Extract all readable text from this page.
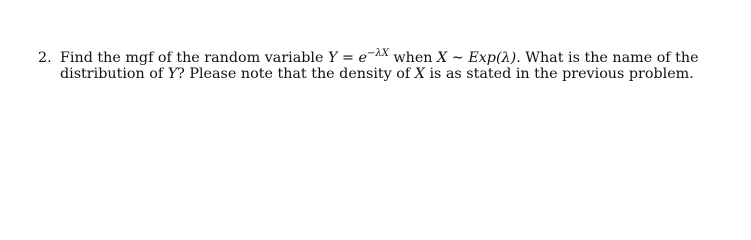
2. Find the mgf of the random variable $Y = e^{-\lambda X}$ when X ∼ Exp(λ). What is the name of the
distribution of Y? Please note that the density of X is as stated in the previous problem.
